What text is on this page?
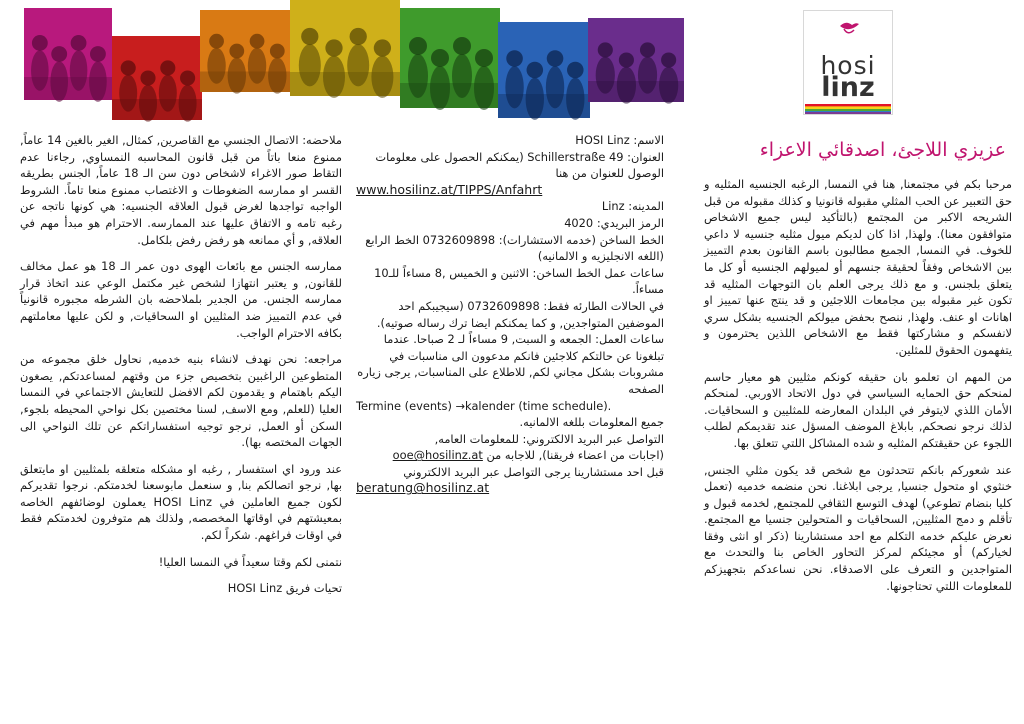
hosi
linz
عزيزي اللاجئ، اصدقائي الاعزاء

مرحبا بكم في مجتمعنا, هنا في النمسا, الرغبه الجنسيه المثليه و حق التعبير عن الحب المثلي مقبوله قانونيا و كذلك مقبوله من قبل الشريحه الاكبر من المجتمع (بالتأكيد ليس جميع الاشخاص متوافقون معنا). ولهذا, اذا كان لديكم ميول مثليه جنسيه لا داعي للخوف. في النمسا, الجميع مطالبون باسم القانون بعدم التمييز بين الاشخاص وفقاً لحقيقة جنسهم أو لميولهم الجنسيه أو كل ما يتعلق بلجنس. و مع ذلك يرجى العلم بان التوجهات المثليه قد تكون غير مقبوله بين مجامعات اللاجئين و قد ينتج عنها تمييز او اهانات او عنف. ولهذا, ننصح بحفض ميولكم الجنسيه بشكل سري لانفسكم و مشاركتها فقط مع الاشخاص اللذين يحترمون و يتفهمون الحقوق للمثلين.

من المهم ان تعلمو بان حقيقه كونكم مثليين هو معيار حاسم لمنحكم حق الحمايه السياسي في دول الاتحاد الاوربي. لمنحكم الأمان اللذي لايتوفر في البلدان المعارضه للمثليين و السحاقيات. لذلك نرجو نصحكم, بابلاغ الموضف المسؤل عند تقديمكم لطلب اللجوء عن حقيقتكم المثليه و شده المشاكل اللتي تتعلق بها.

عند شعوركم بانكم تتحدثون مع شخص قد يكون مثلي الجنس, خنثوي او متحول جنسيا, يرجى ابلاغنا. نحن منضمه خدميه (تعمل كليا بنضام تطوعي) لهدف التوسع الثقافي للمجتمع, لخدمه قبول و تأقلم و دمج المثليين, السحاقيات و المتحولين جنسيا مع المجتمع. نعرض عليكم خدمه التكلم مع احد مستشارينا (ذكر او انثى وفقا لخياركم) أو مجيئكم لمركز التحاور الخاص بنا والتحدث مع المتواجدين و التعرف على الاصدقاء. نحن نساعدكم بتجهيزكم للمعلومات اللتي تحتاجونها.

الاسم: HOSI Linz

العنوان: Schillerstraße 49 (يمكنكم الحصول على معلومات الوصول للعنوان من هنا

www.hosilinz.at/TIPPS/Anfahrt

المدينه: Linz

الرمز البريدي: 4020

الخط الساخن (خدمه الاستشارات): 0732609898 الخط الرابع (اللغه الانجليزيه و الالمانيه)

ساعات عمل الخط الساخن: الاثنين و الخميس ,8 مساءاً للـ10 مساءاً.

في الحالات الطارئه فقط: 0732609898 (سيجيبكم احد الموضفين المتواجدين, و كما يمكنكم ايضا ترك رساله صوتيه).

ساعات العمل: الجمعه و السبت, 9 مساءاً لـ 2 صباحا. عندما تبلغونا عن حالتكم كلاجئين فانكم مدعوون الى مناسبات في مشروبات بشكل مجاني لكم, للاطلاع على المناسبات, يرجى زياره الصفحه

Termine (events) →kalender (time schedule).

جميع المعلومات بللغه الالمانيه.

التواصل عبر البريد الالكتروني: للمعلومات العامه,

(اجابات من اعضاء فريقنا), للاجابه من ooe@hosilinz.at

قبل احد مستشارينا يرجى التواصل عبر البريد الالكتروني

beratung@hosilinz.at

ملاحضه: الاتصال الجنسي مع القاصرين, كمثال, الغير بالغين 14 عاماً, ممنوع منعا باتاً من قبل قانون المحاسبه النمساوي, رجاءنا عدم التقاط صور الاغراء لاشخاص دون سن الـ 18 عاماً, الجنس بطريقه القسر او ممارسه الضغوطات و الاغتصاب ممنوع منعا تاماً. الشروط الواجبه تواجدها لغرض قبول العلاقه الجنسيه: هي كونها ناتجه عن رغبه تامه و الاتفاق عليها عند الممارسه. الاحترام هو مبدأ مهم في العلاقه, و أي ممانعه هو رفض رفض بلكامل.

ممارسه الجنس مع بائعات الهوى دون عمر الـ 18 هو عمل مخالف للقانون, و يعتبر انتهازا لشخص غير مكتمل الوعي عند اتخاذ قرار ممارسه الجنس. من الجدير بلملاحضه بان الشرطه مجبوره قانونياً في عدم التمييز ضد المثليين او السحاقيات, و لكن عليها معاملتهم بكافه الاحترام الواجب.

مراجعه: نحن نهدف لانشاء بنيه خدميه, نحاول خلق مجموعه من المتطوعين الراغبين بتخصيص جزء من وقتهم لمساعدتكم, يصغون اليكم باهتمام و يقدمون لكم الافضل للتعايش الاجتماعي في النمسا العليا (للعلم, ومع الاسف, لسنا مختصين بكل نواحي المحيطه بلجوء, السكن أو العمل, نرجو توجيه استفساراتكم عن تلك النواحي الى الجهات المختصه بها).

عند ورود اي استفسار , رغبه او مشكله متعلقه بلمثليين او مايتعلق بها, نرجو اتصالكم بنا, و سنعمل مابوسعنا لخدمتكم. نرجوا تقديركم لكون جميع العاملين في HOSI Linz يعملون لوضائفهم الخاصه بمعيشتهم في اوقاتها المخصصه, ولذلك هم متوفرون لخدمتكم فقط في اوقات فراغهم. شكراً لكم.

نتمنى لكم وقتا سعيداً في النمسا العليا!

تحيات فريق HOSI Linz
